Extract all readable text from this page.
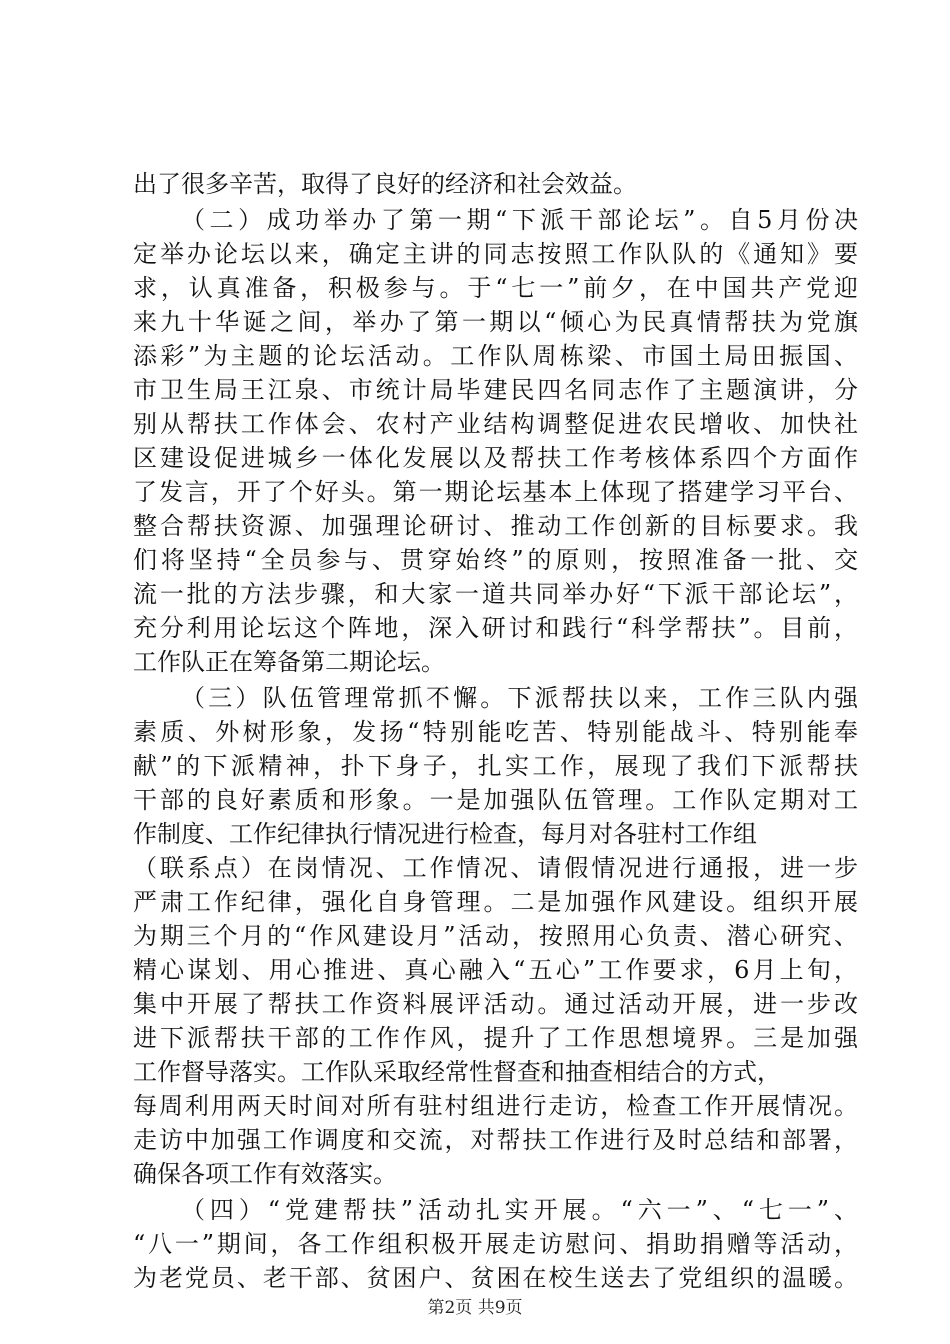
出了很多辛苦，取得了良好的经济和社会效益。
（二）成功举办了第一期“下派干部论坛”。自5月份决
定举办论坛以来，确定主讲的同志按照工作队队的《通知》要
求，认真准备，积极参与。于“七一”前夕，在中国共产党迎
来九十华诞之间，举办了第一期以“倾心为民真情帮扶为党旗
添彩”为主题的论坛活动。工作队周栋梁、市国土局田振国、
市卫生局王江泉、市统计局毕建民四名同志作了主题演讲，分
别从帮扶工作体会、农村产业结构调整促进农民增收、加快社
区建设促进城乡一体化发展以及帮扶工作考核体系四个方面作
了发言，开了个好头。第一期论坛基本上体现了搭建学习平台、
整合帮扶资源、加强理论研讨、推动工作创新的目标要求。我
们将坚持“全员参与、贯穿始终”的原则，按照准备一批、交
流一批的方法步骤，和大家一道共同举办好“下派干部论坛”，
充分利用论坛这个阵地，深入研讨和践行“科学帮扶”。目前，
工作队正在筹备第二期论坛。
（三）队伍管理常抓不懈。下派帮扶以来，工作三队内强
素质、外树形象，发扬“特别能吃苦、特别能战斗、特别能奉
献”的下派精神，扑下身子，扎实工作，展现了我们下派帮扶
干部的良好素质和形象。一是加强队伍管理。工作队定期对工
作制度、工作纪律执行情况进行检查，每月对各驻村工作组
（联系点）在岗情况、工作情况、请假情况进行通报，进一步
严肃工作纪律，强化自身管理。二是加强作风建设。组织开展
为期三个月的“作风建设月”活动，按照用心负责、潜心研究、
精心谋划、用心推进、真心融入“五心”工作要求，6月上旬，
集中开展了帮扶工作资料展评活动。通过活动开展，进一步改
进下派帮扶干部的工作作风，提升了工作思想境界。三是加强
工作督导落实。工作队采取经常性督查和抽查相结合的方式，
每周利用两天时间对所有驻村组进行走访，检查工作开展情况。
走访中加强工作调度和交流，对帮扶工作进行及时总结和部署，
确保各项工作有效落实。
（四）“党建帮扶”活动扎实开展。“六一”、“七一”、
“八一”期间，各工作组积极开展走访慰问、捐助捐赠等活动，
为老党员、老干部、贫困户、贫困在校生送去了党组织的温暖。
第2页 共9页
